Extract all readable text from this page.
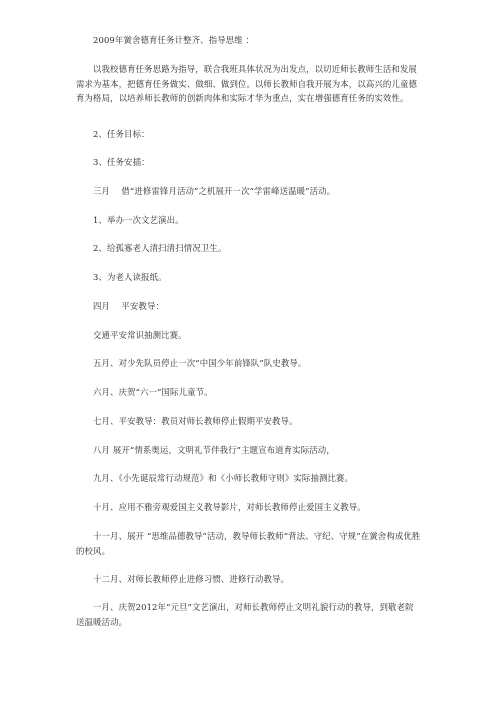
2009年黉舍德育任务计整齐、指导思维 ：

以我校德育任务思路为指导，联合我班具体状况为出发点，以切近师长教师生活和发展需求为基本，把德育任务做实、做细、做到位。以师长教师自我开展为本，以高兴的儿童德育为格局，以培养师长教师的创新肉体和实际才华为重点，实在增强德育任务的实效性。

2、任务目标：

3、任务安插：

三月　 借“进修雷锋月活动”之机展开一次“学雷峰送温暖”活动。

1、举办一次文艺演出。

2、给孤寡老人清扫清扫情况卫生。

3、为老人读报纸。

四月　 平安教导：

交通平安常识抽测比赛。

五月、对少先队员停止一次“中国少年前锋队”队史教导。

六月、庆贺“六一”国际儿童节。

七月、平安教导：教员对师长教师停止假期平安教导。

八月 展开“情系奥运，文明礼节伴我行”主题宣布道育实际活动，

九月、《小先诞辰常行动规范》和《小师长教师守则》实际抽测比赛。

十月、应用不雅旁观爱国主义教导影片，对师长教师停止爱国主义教导。

十一月、展开 “思维品德教导”活动，教导师长教师“背法、守纪、守规”在黉舍构成优胜的校风。

十二月、对师长教师停止进修习惯、进修行动教导。

一月、庆贺2012年“元旦”文艺演出，对师长教师停止文明礼貌行动的教导，到敬老院送温暖活动。
